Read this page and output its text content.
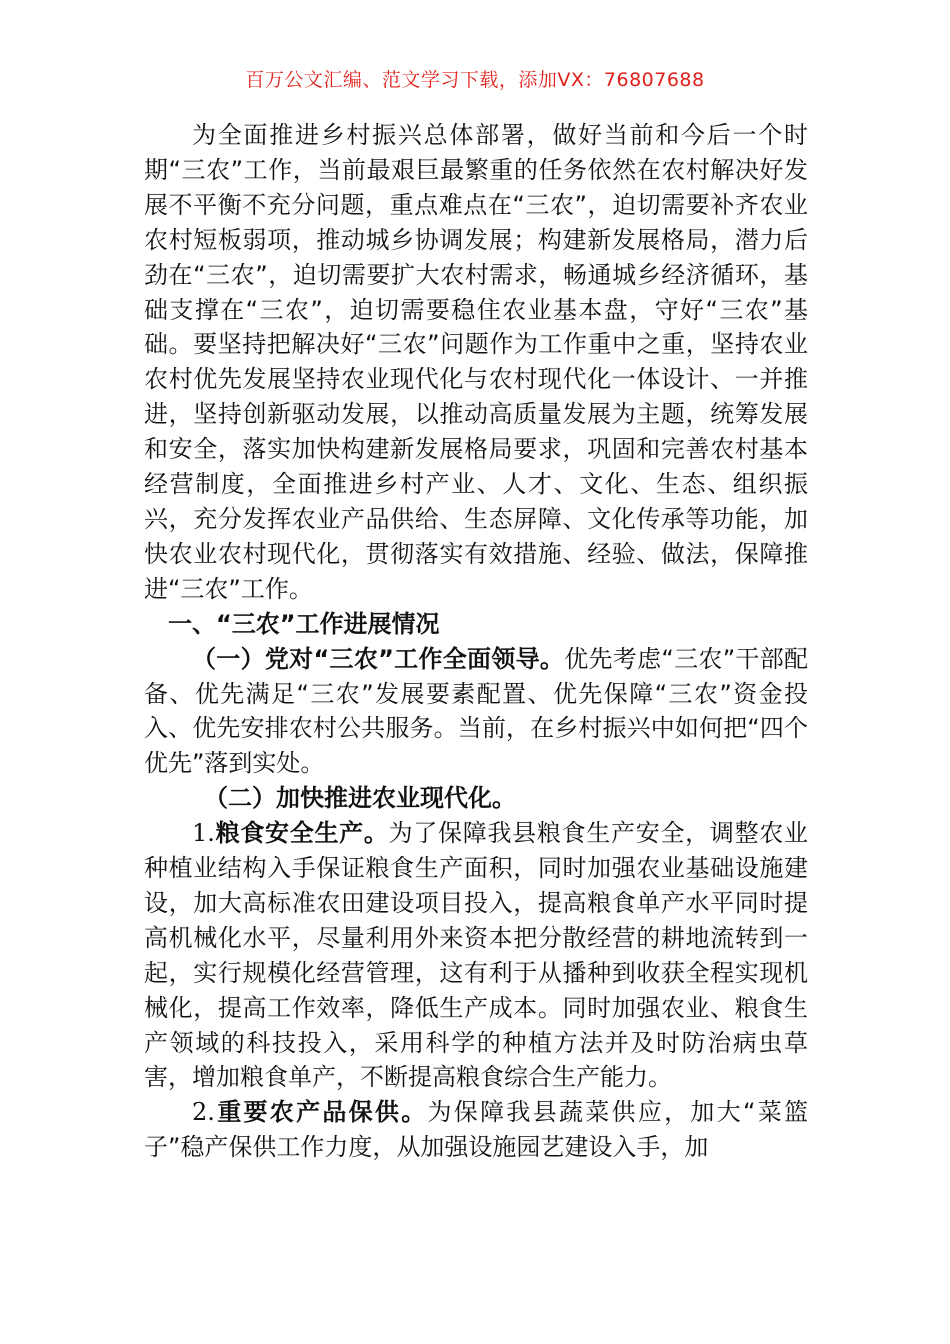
百万公文汇编、范文学习下载，添加VX：76807688

为全面推进乡村振兴总体部署，做好当前和今后一个时期“三农”工作，当前最艰巨最繁重的任务依然在农村解决好发展不平衡不充分问题，重点难点在“三农”，迫切需要补齐农业农村短板弱项，推动城乡协调发展；构建新发展格局，潜力后劲在“三农”，迫切需要扩大农村需求，畅通城乡经济循环，基础支撑在“三农”，迫切需要稳住农业基本盘，守好“三农”基础。要坚持把解决好“三农”问题作为工作重中之重，坚持农业农村优先发展坚持农业现代化与农村现代化一体设计、一并推进，坚持创新驱动发展，以推动高质量发展为主题，统筹发展和安全，落实加快构建新发展格局要求，巩固和完善农村基本经营制度，全面推进乡村产业、人才、文化、生态、组织振兴，充分发挥农业产品供给、生态屏障、文化传承等功能，加快农业农村现代化，贯彻落实有效措施、经验、做法，保障推进“三农”工作。

一、“三农”工作进展情况

（一）党对“三农”工作全面领导。优先考虑“三农”干部配备、优先满足“三农”发展要素配置、优先保障“三农”资金投入、优先安排农村公共服务。当前，在乡村振兴中如何把“四个优先”落到实处。

（二）加快推进农业现代化。

1.粮食安全生产。为了保障我县粮食生产安全，调整农业种植业结构入手保证粮食生产面积，同时加强农业基础设施建设，加大高标准农田建设项目投入，提高粮食单产水平同时提高机械化水平，尽量利用外来资本把分散经营的耕地流转到一起，实行规模化经营管理，这有利于从播种到收获全程实现机械化，提高工作效率，降低生产成本。同时加强农业、粮食生产领域的科技投入，采用科学的种植方法并及时防治病虫草害，增加粮食单产，不断提高粮食综合生产能力。

2.重要农产品保供。为保障我县蔬菜供应，加大“菜篮子”稳产保供工作力度，从加强设施园艺建设入手，加
